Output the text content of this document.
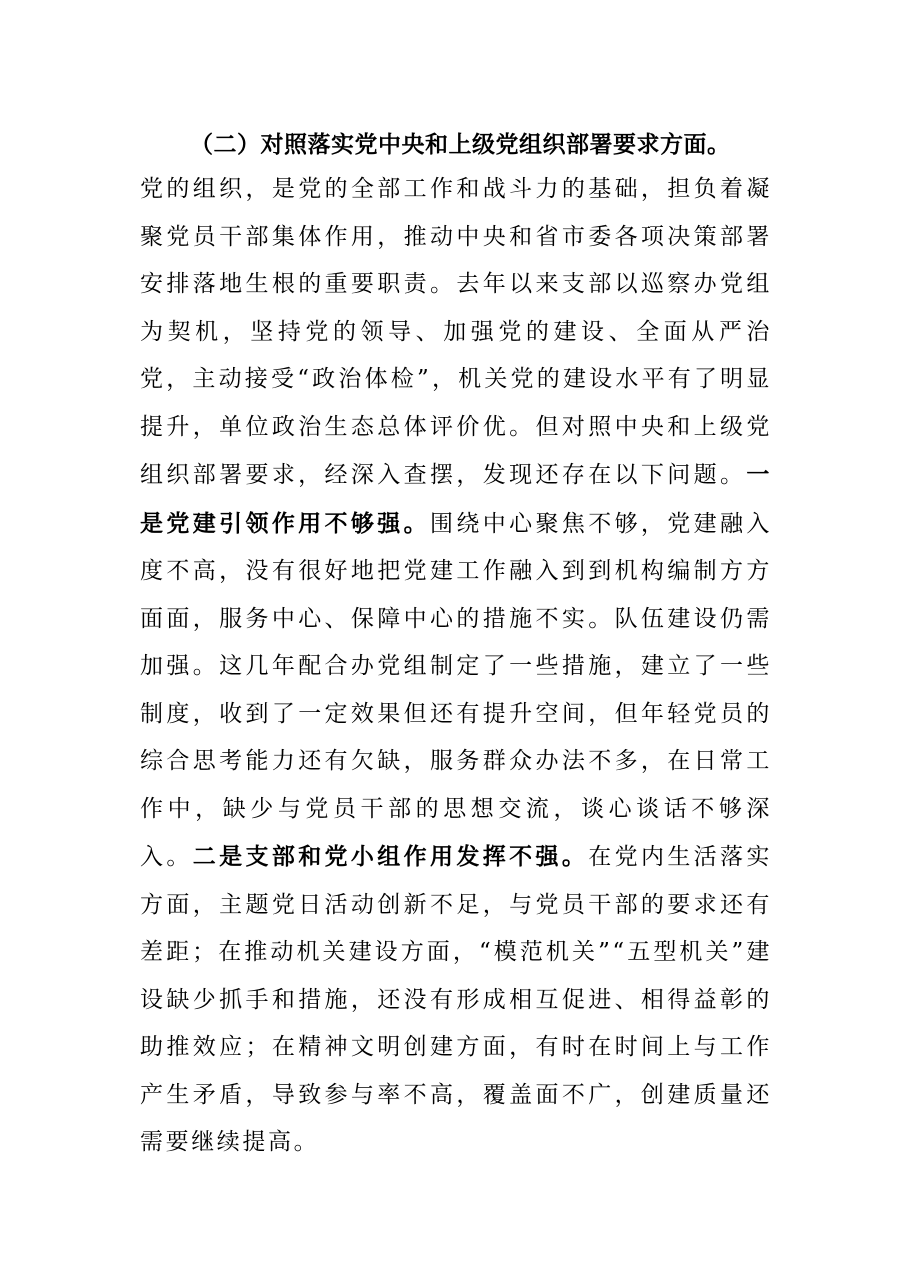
（二）对照落实党中央和上级党组织部署要求方面。

党的组织，是党的全部工作和战斗力的基础，担负着凝聚党员干部集体作用，推动中央和省市委各项决策部署安排落地生根的重要职责。去年以来支部以巡察办党组为契机，坚持党的领导、加强党的建设、全面从严治党，主动接受“政治体检”，机关党的建设水平有了明显提升，单位政治生态总体评价优。但对照中央和上级党组织部署要求，经深入查摆，发现还存在以下问题。一是党建引领作用不够强。围绕中心聚焦不够，党建融入度不高，没有很好地把党建工作融入到到机构编制方方面面，服务中心、保障中心的措施不实。队伍建设仍需加强。这几年配合办党组制定了一些措施，建立了一些制度，收到了一定效果但还有提升空间，但年轻党员的综合思考能力还有欠缺，服务群众办法不多，在日常工作中，缺少与党员干部的思想交流，谈心谈话不够深入。二是支部和党小组作用发挥不强。在党内生活落实方面，主题党日活动创新不足，与党员干部的要求还有差距；在推动机关建设方面，“模范机关”“五型机关”建设缺少抓手和措施，还没有形成相互促进、相得益彰的助推效应；在精神文明创建方面，有时在时间上与工作产生矛盾，导致参与率不高，覆盖面不广，创建质量还需要继续提高。
